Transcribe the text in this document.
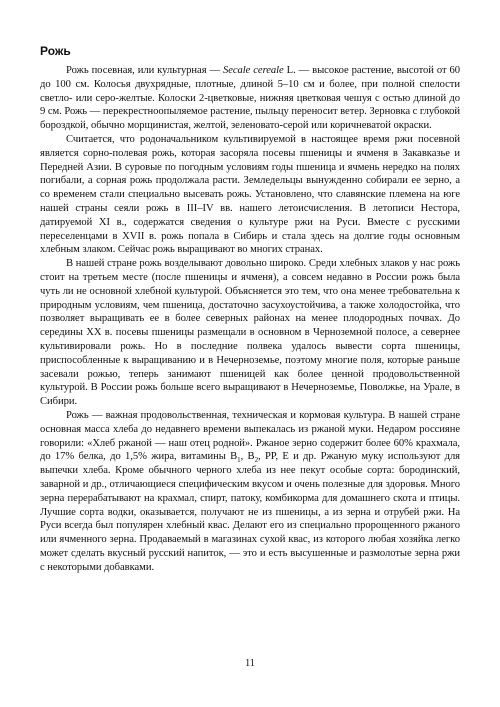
Рожь

Рожь посевная, или культурная — Secale cereale L. — высокое растение, высотой от 60 до 100 см. Колосья двухрядные, плотные, длиной 5–10 см и более, при полной спелости светло- или серо-желтые. Колоски 2-цветковые, нижняя цветковая чешуя с остью длиной до 9 см. Рожь — перекрестноопыляемое растение, пыльцу переносит ветер. Зерновка с глубокой бороздкой, обычно морщинистая, желтой, зеленовато-серой или коричневатой окраски.

Считается, что родоначальником культивируемой в настоящее время ржи посевной является сорно-полевая рожь, которая засоряла посевы пшеницы и ячменя в Закавказье и Передней Азии. В суровые по погодным условиям годы пшеница и ячмень нередко на полях погибали, а сорная рожь продолжала расти. Земледельцы вынужденно собирали ее зерно, а со временем стали специально высевать рожь. Установлено, что славянские племена на юге нашей страны сеяли рожь в III–IV вв. нашего летоисчисления. В летописи Нестора, датируемой XI в., содержатся сведения о культуре ржи на Руси. Вместе с русскими переселенцами в XVII в. рожь попала в Сибирь и стала здесь на долгие годы основным хлебным злаком. Сейчас рожь выращивают во многих странах.

В нашей стране рожь возделывают довольно широко. Среди хлебных злаков у нас рожь стоит на третьем месте (после пшеницы и ячменя), а совсем недавно в России рожь была чуть ли не основной хлебной культурой. Объясняется это тем, что она менее требовательна к природным условиям, чем пшеница, достаточно засухоустойчива, а также холодостойка, что позволяет выращивать ее в более северных районах на менее плодородных почвах. До середины XX в. посевы пшеницы размещали в основном в Черноземной полосе, а севернее культивировали рожь. Но в последние полвека удалось вывести сорта пшеницы, приспособленные к выращиванию и в Нечерноземье, поэтому многие поля, которые раньше засевали рожью, теперь занимают пшеницей как более ценной продовольственной культурой. В России рожь больше всего выращивают в Нечерноземье, Поволжье, на Урале, в Сибири.

Рожь — важная продовольственная, техническая и кормовая культура. В нашей стране основная масса хлеба до недавнего времени выпекалась из ржаной муки. Недаром россияне говорили: «Хлеб ржаной — наш отец родной». Ржаное зерно содержит более 60% крахмала, до 17% белка, до 1,5% жира, витамины $B_1$, $B_2$, PP, E и др. Ржаную муку используют для выпечки хлеба. Кроме обычного черного хлеба из нее пекут особые сорта: бородинский, заварной и др., отличающиеся специфическим вкусом и очень полезные для здоровья. Много зерна перерабатывают на крахмал, спирт, патоку, комбикорма для домашнего скота и птицы. Лучшие сорта водки, оказывается, получают не из пшеницы, а из зерна и отрубей ржи. На Руси всегда был популярен хлебный квас. Делают его из специально пророщенного ржаного или ячменного зерна. Продаваемый в магазинах сухой квас, из которого любая хозяйка легко может сделать вкусный русский напиток, — это и есть высушенные и размолотые зерна ржи с некоторыми добавками.

11
